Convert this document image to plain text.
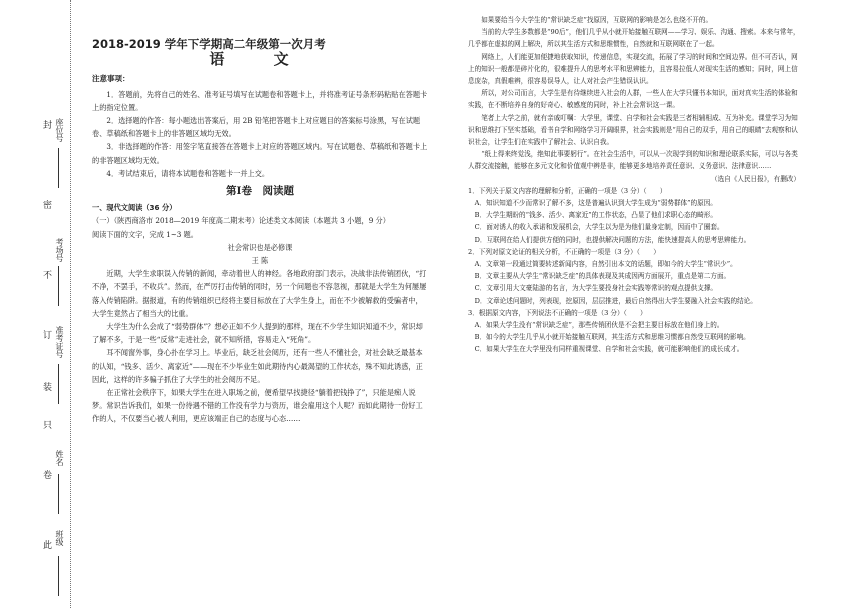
封
密
不
订
装
只
卷
此
座位号
考场号
准考证号
姓名
班级
2018-2019 学年下学期高二年级第一次月考
语 文
注意事项：

1．答题前，先将自己的姓名、准考证号填写在试题卷和答题卡上，并将准考证号条形码粘贴在答题卡上的指定位置。

2．选择题的作答：每小题选出答案后，用 2B 铅笔把答题卡上对应题目的答案标号涂黑，写在试题卷、草稿纸和答题卡上的非答题区域均无效。

3．非选择题的作答：用签字笔直接答在答题卡上对应的答题区域内。写在试题卷、草稿纸和答题卡上的非答题区域均无效。

4．考试结束后，请将本试题卷和答题卡一并上交。

第Ⅰ卷　阅读题

一、现代文阅读（36 分）

（一）（陕西商洛市 2018—2019 年度高二期末考）论述类文本阅读（本题共 3 小题，9 分）

阅读下面的文字，完成 1~3 题。

社会常识也是必修课

王 陈

近期，大学生求职误入传销的新闻，牵动着世人的神经。各地政府部门表示，决战非法传销团伙，“打不净，不罢手，不收兵”。然而，在严厉打击传销的同时，另一个问题也不容忽视，那就是大学生为何屡屡落入传销陷阱。据报道，有的传销组织已经将主要目标放在了大学生身上，而在不少被解救的受骗者中，大学生竟然占了相当大的比重。

大学生为什么会成了“弱势群体”？想必正如不少人提到的那样，现在不少学生知识知道不少，常识却了解不多，于是一些“反常”走进社会，就不知所措，容易走入“死角”。

耳不闻窗外事，身心扑在学习上。毕业后，缺乏社会阅历，还有一些人不懂社会，对社会缺乏最基本的认知，“钱多、活少、离家近”——现在不少毕业生如此期待内心最渴望的工作状态，殊不知此诱惑，正因此，这样的许多骗子抓住了大学生的社会阅历不足。

在正常社会秩序下，如果大学生在进入职场之前，便希望早找捷径“躺着把钱挣了”，只能是痴人说梦。常识告诉我们，如果一份待遇不错的工作没有学力与资历，谁会雇用这个人呢？而如此期待一份好工作的人，不仅要当心被人利用，更应该端正自己的态度与心态……

如果要给当今大学生的“常识缺乏症”找原因，互联网的影响是怎么也绕不开的。

当前的大学生多数都是“90后”，他们几乎从小就开始接触互联网——学习、娱乐、沟通、搜索。本来与常年，几乎都在虚拟的网上解决，所以其生活方式和思维惯性，自然就和互联网联在了一起。

网络上，人们能更加便捷地获取知识，传递信息，实现交流，拓展了学习的时间和空间边界。但不可否认，网上的知识一般都是碎片化的，很难提升人的思考水平和思辨能力，且容易拉低人对现实生活的感知；同时，网上信息庞杂，真假难辨，很容易误导人，让人对社会产生错误认识。

所以，对公司而言，大学生是有待继续进入社会的人群，一些人在大学只懂书本知识，面对真实生活的体验和实践，在不断培养自身的好奇心、敏感度的同时，补上社会常识这一课。

笔者上大学之前，就有亲戚叮嘱：大学里，课堂、自学和社会实践是三者相辅相成、互为补充。课堂学习为知识和思维打下坚实基础，看书自学和网络学习开阔眼界，社会实践则是“用自己的双手，用自己的眼睛”去观察和认识社会，让学生们在实践中了解社会、认识自我。

“纸上得来终觉浅，绝知此事要躬行”。在社会生活中，可以从一次现学到的知识和理论联系实际，可以与各类人群交流接触，能够在多元文化和价值观中辨是非，能够更多地培养责任意识、义务意识、法律意识……

（选自《人民日报》，有删改）

1．下列关于原文内容的理解和分析，正确的一项是（3 分）（　　）

A．知识知道不少而常识了解不多，这是普遍认识到大学生成为“弱势群体”的原因。

B．大学生期盼的“钱多、活少、离家近”的工作状态，凸显了他们求职心态的畸形。

C．面对诱人的收入承诺和发展机会，大学生以为是为他们量身定制，因而中了圈套。

D．互联网在给人们提供方便的同时，也提供解决问题的方法，能快速提高人的思考思辨能力。

2．下列对原文论证的相关分析，不正确的一项是（3 分）（　　）

A．文章第一段通过简要转述新闻内容，自然引出本文的话题，即如今的大学生“常识少”。

B．文章主要从大学生“常识缺乏症”的具体表现及其成因两方面展开，重点是第二方面。

C．文章引用大文豪陆游的名言，为大学生要投身社会实践等常识的观点提供支撑。

D．文章论述问题时，列表现，挖原因，层层推进，最后自然得出大学生要融入社会实践的结论。

3．根据原文内容，下列说法不正确的一项是（3 分）（　　）

A．如果大学生没有“常识缺乏症”，那些传销团伙是不会把主要目标放在他们身上的。

B．如今的大学生几乎从小就开始接触互联网，其生活方式和思维习惯都自然受互联网的影响。

C．如果大学生在大学里没有同样重视课堂、自学和社会实践，就可能影响他们的成长成才。
